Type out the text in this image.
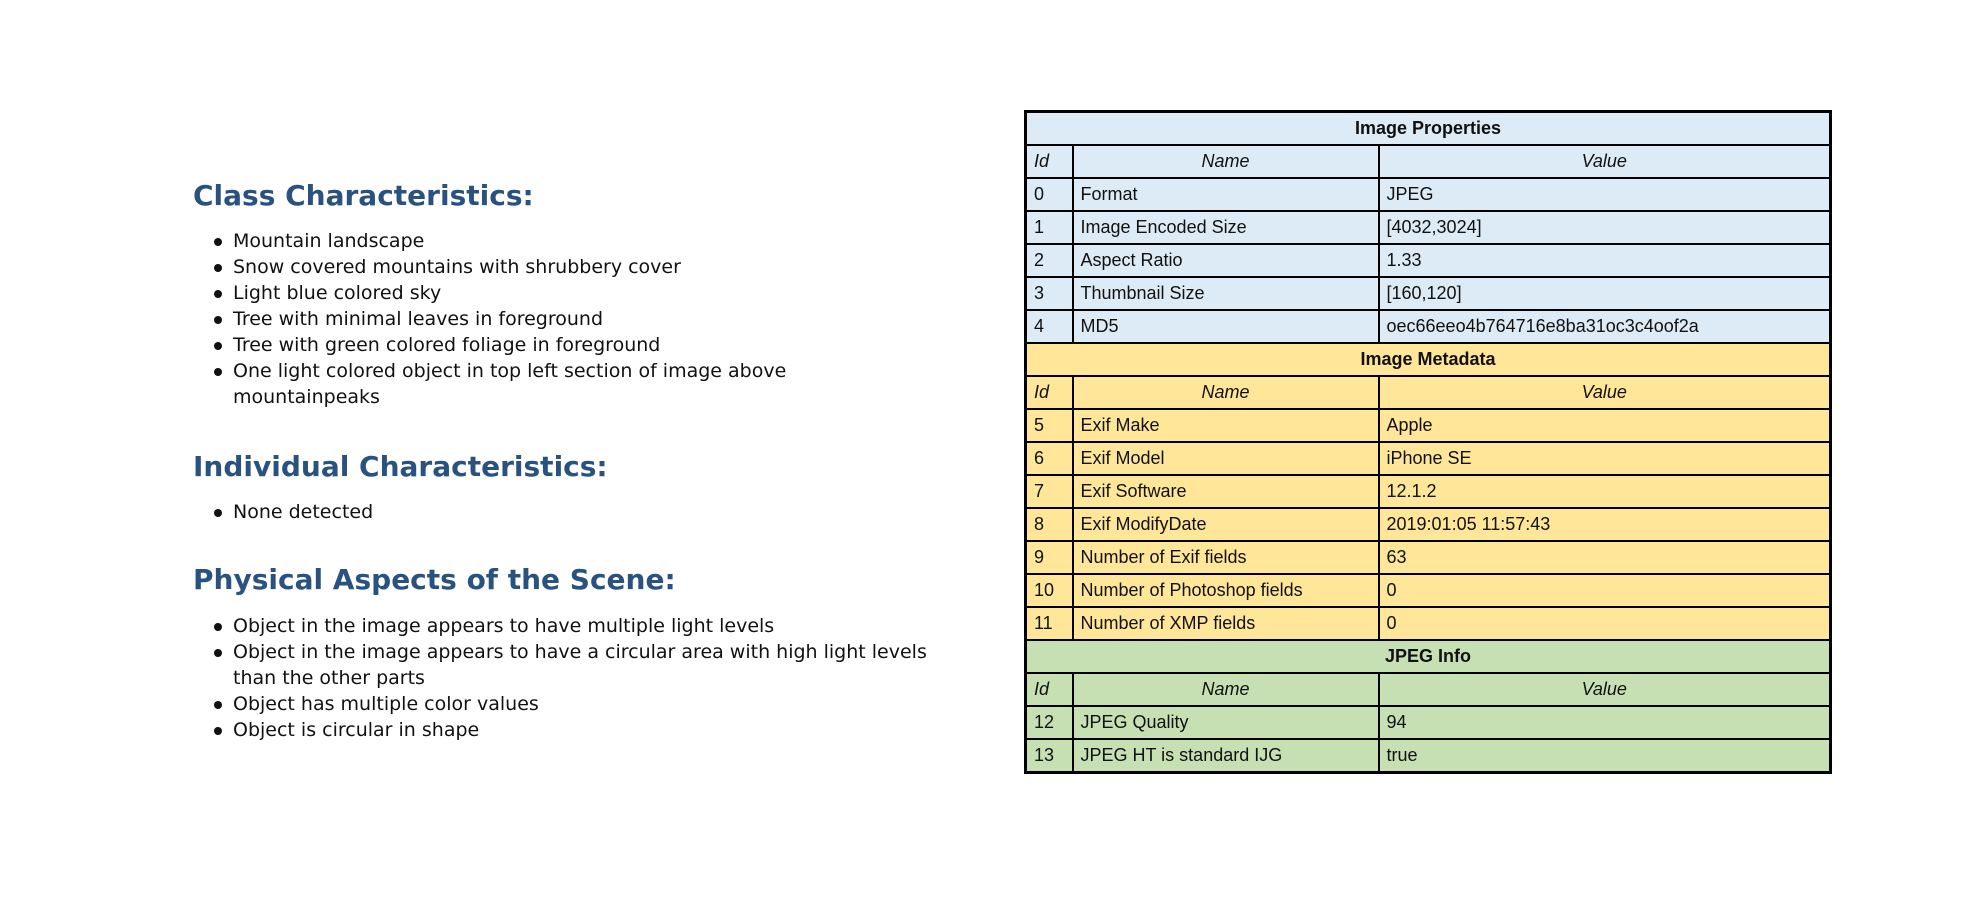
Class Characteristics:
Mountain landscape
Snow covered mountains with shrubbery cover
Light blue colored sky
Tree with minimal leaves in foreground
Tree with green colored foliage in foreground
One light colored object in top left section of image above mountainpeaks
Individual Characteristics:
None detected
Physical Aspects of the Scene:
Object in the image appears to have multiple light levels
Object in the image appears to have a circular area with high light levels than the other parts
Object has multiple color values
Object is circular in shape
Image Properties		
Id	Name	Value
0	Format	JPEG
1	Image Encoded Size	[4032,3024]
2	Aspect Ratio	1.33
3	Thumbnail Size	[160,120]
4	MD5	oec66eeo4b764716e8ba31oc3c4oof2a
Image Metadata		
Id	Name	Value
5	Exif Make	Apple
6	Exif Model	iPhone SE
7	Exif Software	12.1.2
8	Exif ModifyDate	2019:01:05 11:57:43
9	Number of Exif fields	63
10	Number of Photoshop fields	0
11	Number of XMP fields	0
JPEG Info		
Id	Name	Value
12	JPEG Quality	94
13	JPEG HT is standard IJG	true
